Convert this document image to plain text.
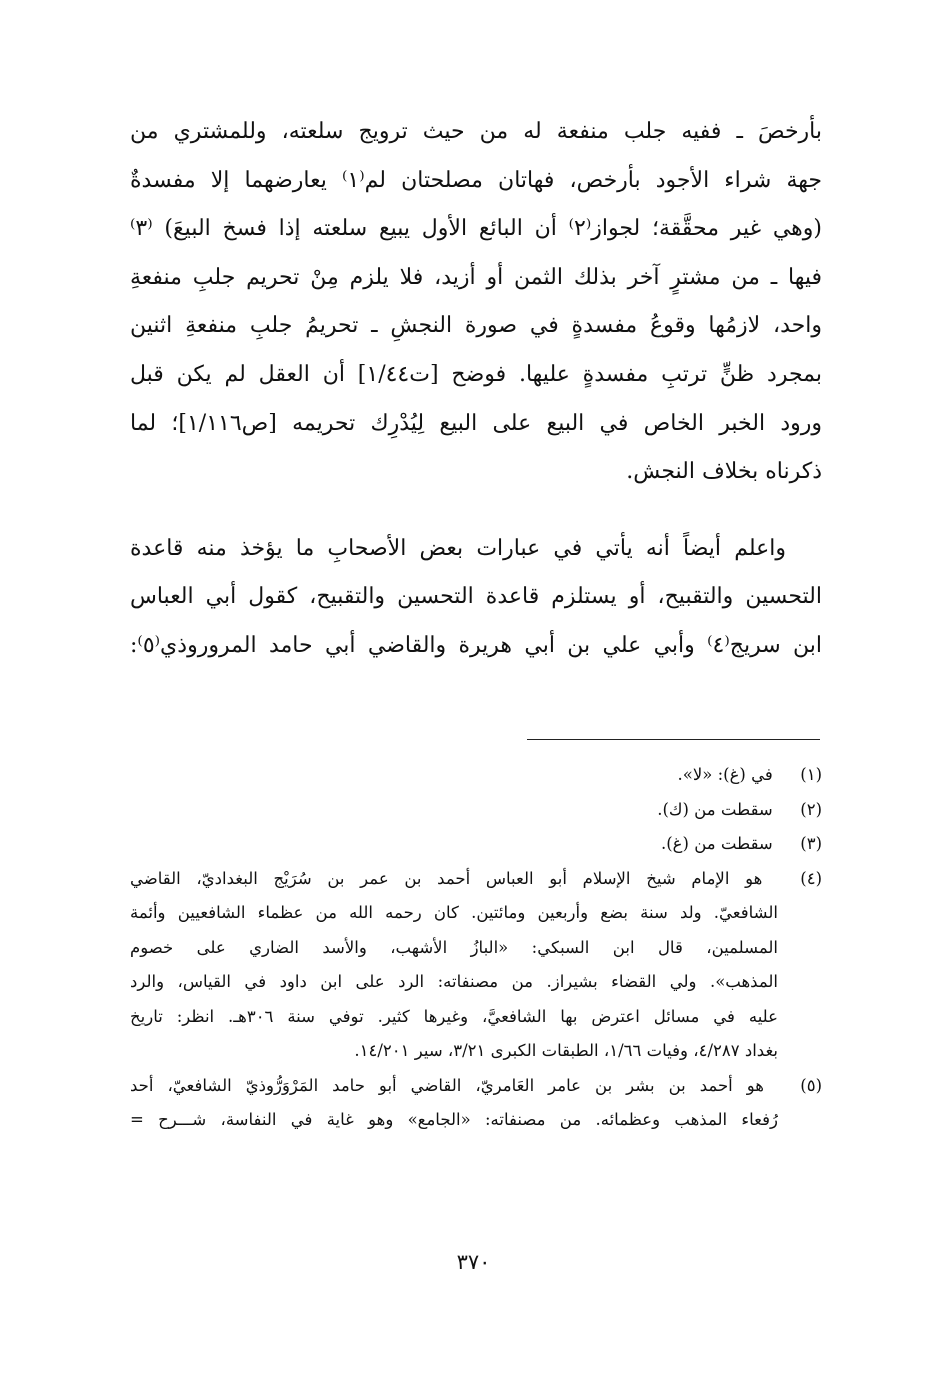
بأرخصَ ـ ففيه جلب منفعة له من حيث ترويج سلعته، وللمشتري من
جهة شراء الأجود بأرخص، فهاتان مصلحتان لم⁽١⁾ يعارضهما إلا مفسدةٌ
(وهي غير محقَّقة؛ لجواز⁽٢⁾ أن البائع الأول يبيع سلعته إذا فسخ البيعَ) ⁽٣⁾
فيها ـ من مشترٍ آخر بذلك الثمن أو أزيد، فلا يلزم مِنْ تحريم جلبِ منفعةِ
واحد، لازمُها وقوعُ مفسدةٍ في صورة النجشِ ـ تحريمُ جلبِ منفعةِ اثنين
بمجرد ظنٍّ ترتبِ مفسدةٍ عليها. فوضح [ت١/٤٤] أن العقل لم يكن قبل
ورود الخبر الخاص في البيع على البيع لِيُدْرِك تحريمه [ص١/١١٦]؛ لما
ذكرناه بخلاف النجش.
واعلم أيضاً أنه يأتي في عبارات بعض الأصحابِ ما يؤخذ منه قاعدة
التحسين والتقبيح، أو يستلزم قاعدة التحسين والتقبيح، كقول أبي العباس
ابن سريج⁽٤⁾ وأبي علي بن أبي هريرة والقاضي أبي حامد المروروذي⁽٥⁾:
(١) في (غ): «لا».
(٢) سقطت من (ك).
(٣) سقطت من (غ).
(٤) هو الإمام شيخ الإسلام أبو العباس أحمد بن عمر بن سُرَيْج البغداديّ، القاضي
الشافعيّ. ولد سنة بضع وأربعين ومائتين. كان رحمه الله من عظماء الشافعيين وأئمة
المسلمين، قال ابن السبكي: «البازُ الأشهب، والأسد الضاري على خصوم
المذهب». ولي القضاء بشيراز. من مصنفاته: الرد على ابن داود في القياس، والرد
عليه في مسائل اعترض بها الشافعيَّ، وغيرها كثير. توفي سنة ٣٠٦هـ. انظر: تاريخ
بغداد ٤/٢٨٧، وفيات ١/٦٦، الطبقات الكبرى ٣/٢١، سير ١٤/٢٠١.
(٥) هو أحمد بن بشر بن عامر العَامريّ، القاضي أبو حامد المَرْوَرُّوذيّ الشافعيّ، أحد
رُفعاء المذهب وعظمائه. من مصنفاته: «الجامع» وهو غاية في النفاسة، شـــرح =
٣٧٠
